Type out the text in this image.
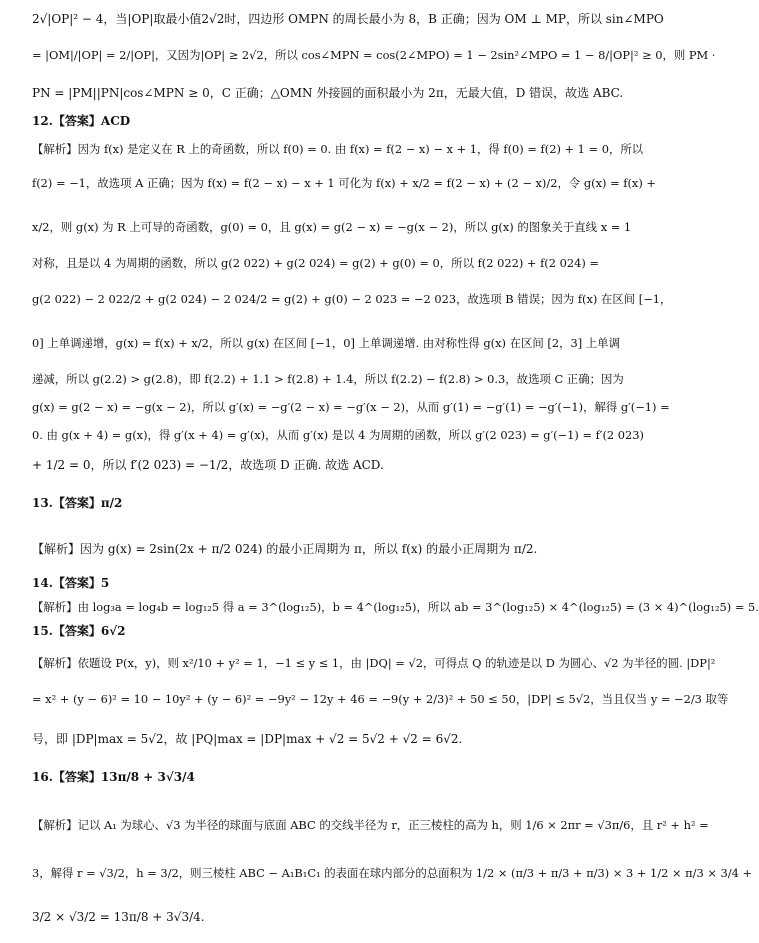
2√|OP|² − 4，当|OP|取最小值2√2时，四边形 OMPN 的周长最小为 8，B 正确；因为 OM ⊥ MP，所以 sin∠MPO
= |OM|/|OP| = 2/|OP|，又因为|OP| ≥ 2√2，所以 cos∠MPN = cos(2∠MPO) = 1 − 2sin²∠MPO = 1 − 8/|OP|² ≥ 0，则 PM ·
PN = |PM||PN|cos∠MPN ≥ 0，C 正确；△OMN 外接圆的面积最小为 2π，无最大值，D 错误，故选 ABC.
12.【答案】ACD
【解析】因为 f(x) 是定义在 R 上的奇函数，所以 f(0) = 0. 由 f(x) = f(2 − x) − x + 1，得 f(0) = f(2) + 1 = 0，所以
f(2) = −1，故选项 A 正确；因为 f(x) = f(2 − x) − x + 1 可化为 f(x) + x/2 = f(2 − x) + (2 − x)/2，令 g(x) = f(x) +
x/2，则 g(x) 为 R 上可导的奇函数，g(0) = 0，且 g(x) = g(2 − x) = −g(x − 2)，所以 g(x) 的图象关于直线 x = 1
对称，且是以 4 为周期的函数，所以 g(2 022) + g(2 024) = g(2) + g(0) = 0，所以 f(2 022) + f(2 024) =
g(2 022) − 2 022/2 + g(2 024) − 2 024/2 = g(2) + g(0) − 2 023 = −2 023，故选项 B 错误；因为 f(x) 在区间 [−1，
0] 上单调递增，g(x) = f(x) + x/2，所以 g(x) 在区间 [−1，0] 上单调递增. 由对称性得 g(x) 在区间 [2，3] 上单调
递减，所以 g(2.2) > g(2.8)，即 f(2.2) + 1.1 > f(2.8) + 1.4，所以 f(2.2) − f(2.8) > 0.3，故选项 C 正确；因为
g(x) = g(2 − x) = −g(x − 2)，所以 g′(x) = −g′(2 − x) = −g′(x − 2)，从而 g′(1) = −g′(1) = −g′(−1)，解得 g′(−1) =
0. 由 g(x + 4) = g(x)，得 g′(x + 4) = g′(x)，从而 g′(x) 是以 4 为周期的函数，所以 g′(2 023) = g′(−1) = f′(2 023)
+ 1/2 = 0，所以 f′(2 023) = −1/2，故选项 D 正确. 故选 ACD.
13.【答案】π/2
【解析】因为 g(x) = 2sin(2x + π/2 024) 的最小正周期为 π，所以 f(x) 的最小正周期为 π/2.
14.【答案】5
【解析】由 log₃a = log₄b = log₁₂5 得 a = 3^(log₁₂5)，b = 4^(log₁₂5)，所以 ab = 3^(log₁₂5) × 4^(log₁₂5) = (3 × 4)^(log₁₂5) = 5.
15.【答案】6√2
【解析】依题设 P(x，y)，则 x²/10 + y² = 1，−1 ≤ y ≤ 1，由 |DQ| = √2，可得点 Q 的轨迹是以 D 为圆心、√2 为半径的圆. |DP|²
= x² + (y − 6)² = 10 − 10y² + (y − 6)² = −9y² − 12y + 46 = −9(y + 2/3)² + 50 ≤ 50，|DP| ≤ 5√2，当且仅当 y = −2/3 取等
号，即 |DP|max = 5√2，故 |PQ|max = |DP|max + √2 = 5√2 + √2 = 6√2.
16.【答案】13π/8 + 3√3/4
【解析】记以 A₁ 为球心、√3 为半径的球面与底面 ABC 的交线半径为 r，正三棱柱的高为 h，则 1/6 × 2πr = √3π/6，且 r² + h² =
3，解得 r = √3/2，h = 3/2，则三棱柱 ABC − A₁B₁C₁ 的表面在球内部分的总面积为 1/2 × (π/3 + π/3 + π/3) × 3 + 1/2 × π/3 × 3/4 +
3/2 × √3/2 = 13π/8 + 3√3/4.
